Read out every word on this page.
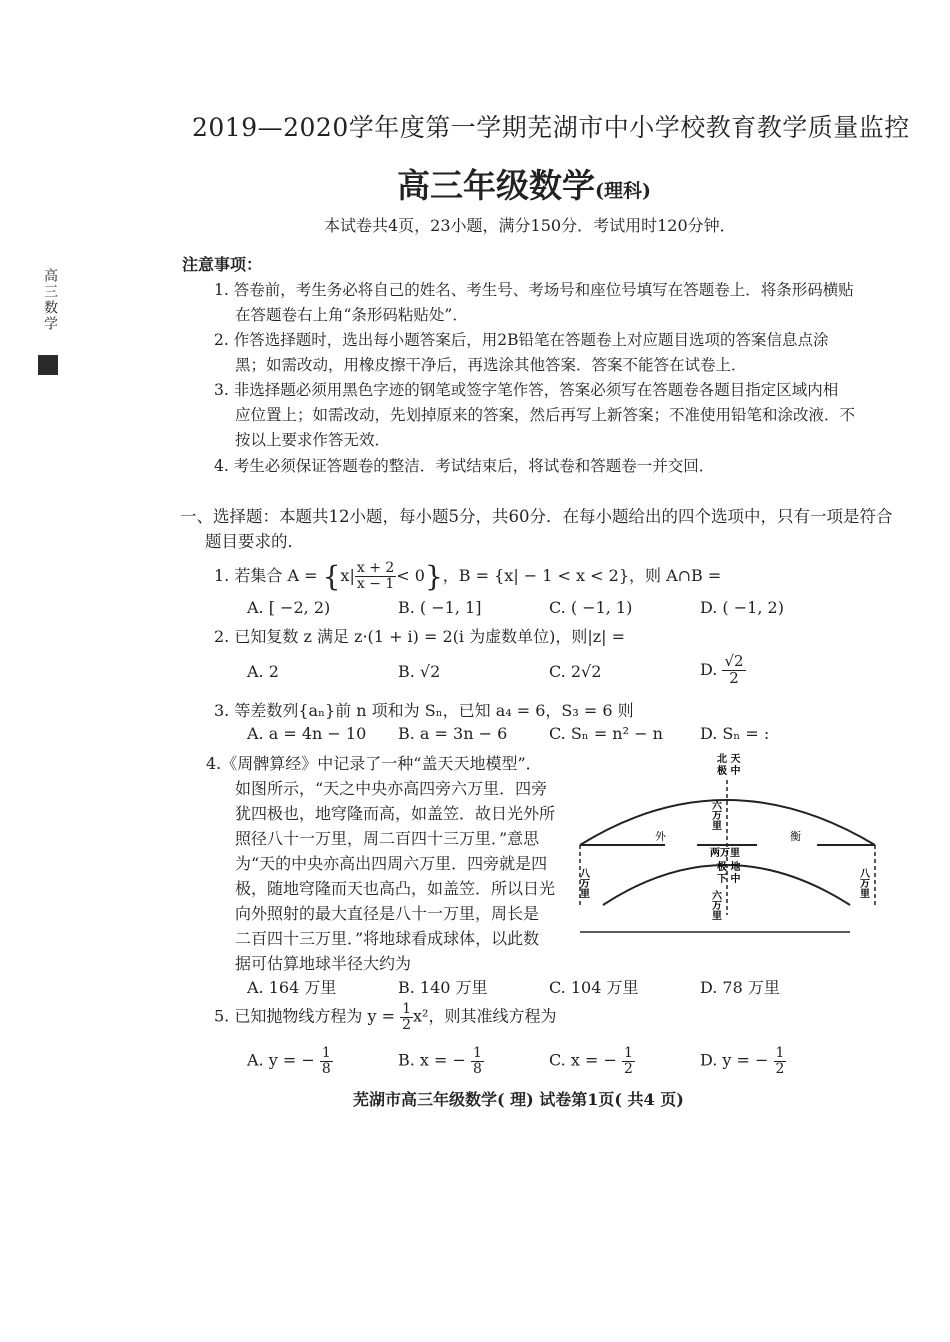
高三数学
2019—2020学年度第一学期芜湖市中小学校教育教学质量监控
高三年级数学(理科)
本试卷共4页，23小题，满分150分．考试用时120分钟．
注意事项：
1. 答卷前，考生务必将自己的姓名、考生号、考场号和座位号填写在答题卷上．将条形码横贴
在答题卷右上角“条形码粘贴处”．
2. 作答选择题时，选出每小题答案后，用2B铅笔在答题卷上对应题目选项的答案信息点涂
黑；如需改动，用橡皮擦干净后，再选涂其他答案．答案不能答在试卷上．
3. 非选择题必须用黑色字迹的钢笔或签字笔作答，答案必须写在答题卷各题目指定区域内相
应位置上；如需改动，先划掉原来的答案，然后再写上新答案；不准使用铅笔和涂改液．不
按以上要求作答无效．
4. 考生必须保证答题卷的整洁．考试结束后，将试卷和答题卷一并交回．
一、选择题：本题共12小题，每小题5分，共60分．在每小题给出的四个选项中，只有一项是符合
题目要求的．
1. 若集合 $A = \{x| \frac{x + 2}{x - 1} < 0\}$，B = {x| − 1 < x < 2}，则 A∩B =
A. [ −2, 2)	B. ( −1, 1]	C. ( −1, 1)	D. ( −1, 2)
2. 已知复数 z 满足 z·(1 + i) = 2(i 为虚数单位)，则|z| =
A. 2	B. √2	C. 2√2	D. $\frac{√2}{2}$
3. 等差数列{aₙ}前 n 项和为 Sₙ，已知 a₄ = 6，S₃ = 6 则
A. a = 4n − 10 B. a = 3n − 6	C. Sₙ = n² − n D. Sₙ = :
4.《周髀算经》中记录了一种“盖天天地模型”．
如图所示，“天之中央亦高四旁六万里．四旁
犹四极也，地穹隆而高，如盖笠．故日光外所
照径八十一万里，周二百四十三万里．”意思
为“天的中央亦高出四周六万里．四旁就是四
极，随地穹隆而天也高凸，如盖笠．所以日光
向外照射的最大直径是八十一万里，周长是
二百四十三万里．”将地球看成球体，以此数
据可估算地球半径大约为
北 天
极 中
六万里
外	衡
两万里
极 地
下 中
六万里
八万里	八万里
A. 164 万里	B. 140 万里	C. 104 万里	D. 78 万里
5. 已知抛物线方程为 $y = \frac{1}{2} x^2$，则其准线方程为
A. y = − $\frac{1}{8}$	B. x = − $\frac{1}{8}$	C. x = − $\frac{1}{2}$	D. y = − $\frac{1}{2}$
芜湖市高三年级数学( 理) 试卷第1页( 共4 页)
